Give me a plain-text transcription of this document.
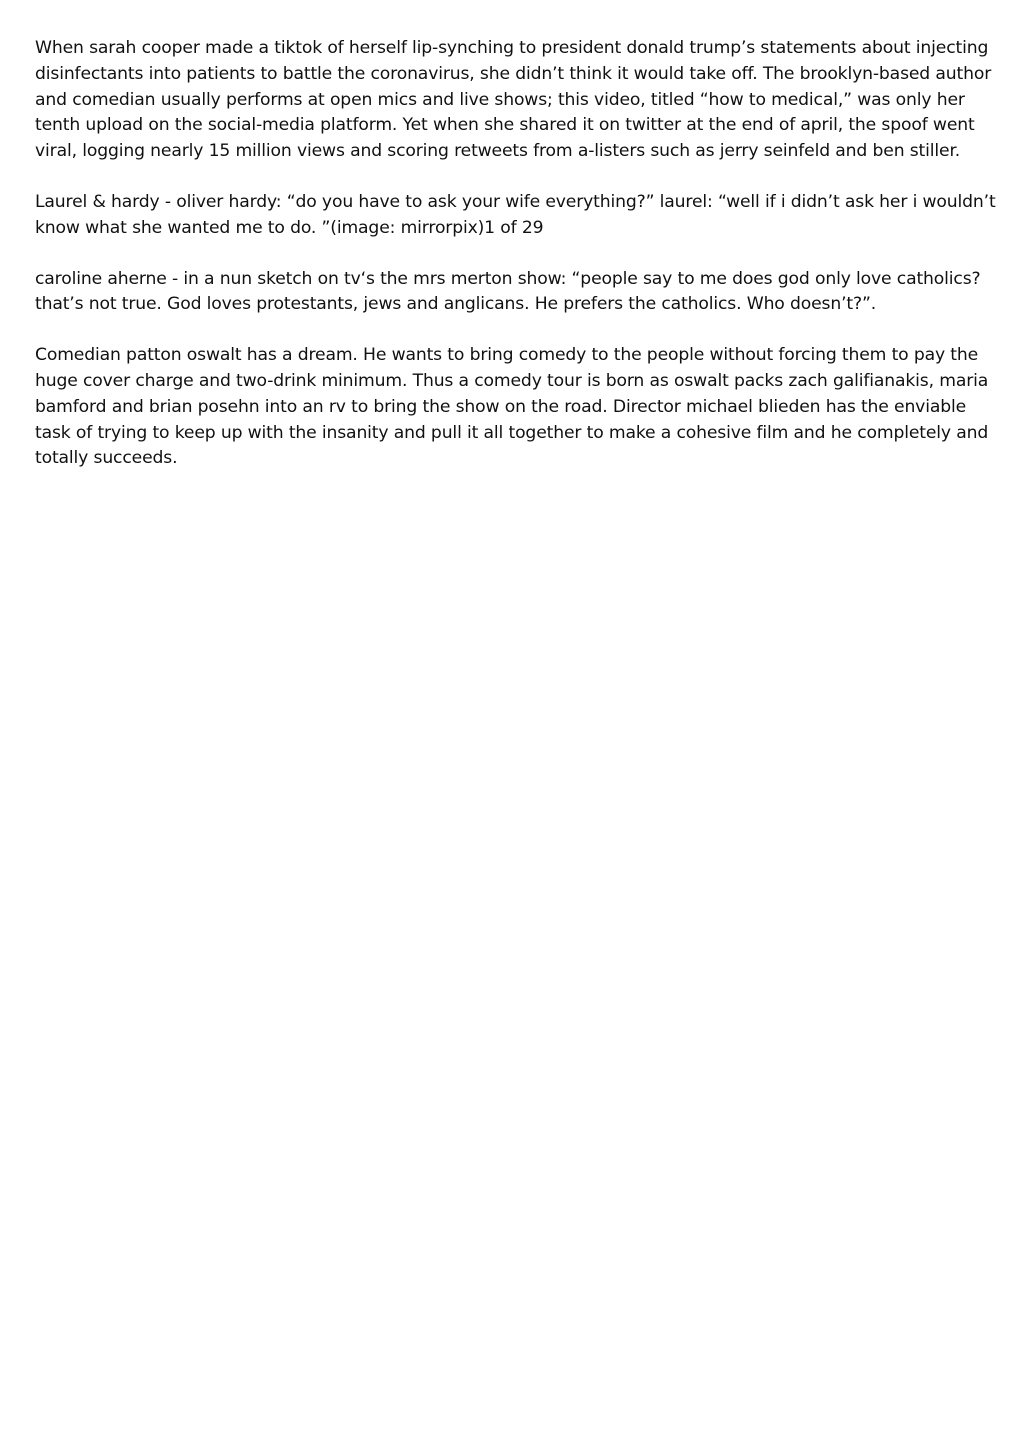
When sarah cooper made a tiktok of herself lip-synching to president donald trump’s statements about injecting disinfectants into patients to battle the coronavirus, she didn’t think it would take off. The brooklyn-based author and comedian usually performs at open mics and live shows; this video, titled “how to medical,” was only her tenth upload on the social-media platform. Yet when she shared it on twitter at the end of april, the spoof went viral, logging nearly 15 million views and scoring retweets from a-listers such as jerry seinfeld and ben stiller.

Laurel & hardy - oliver hardy: “do you have to ask your wife everything?” laurel: “well if i didn’t ask her i wouldn’t know what she wanted me to do. ”(image: mirrorpix)1 of 29

caroline aherne - in a nun sketch on tv‘s the mrs merton show: “people say to me does god only love catholics? that’s not true. God loves protestants, jews and anglicans. He prefers the catholics. Who doesn’t?”.

Comedian patton oswalt has a dream. He wants to bring comedy to the people without forcing them to pay the huge cover charge and two-drink minimum. Thus a comedy tour is born as oswalt packs zach galifianakis, maria bamford and brian posehn into an rv to bring the show on the road. Director michael blieden has the enviable task of trying to keep up with the insanity and pull it all together to make a cohesive film and he completely and totally succeeds.
